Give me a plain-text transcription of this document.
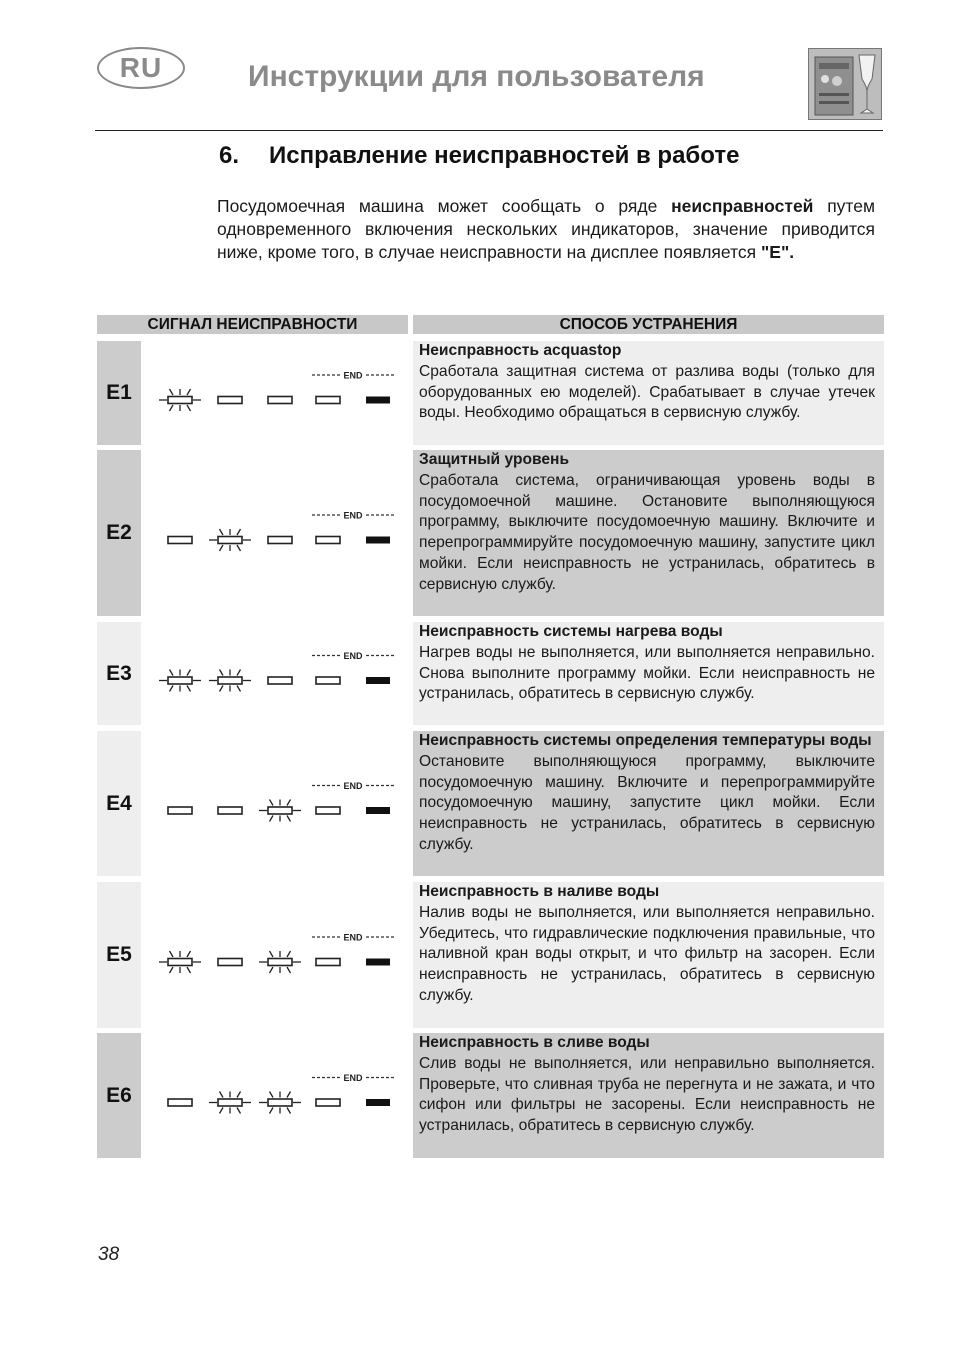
RU	Инструкции для пользователя
6. Исправление неисправностей в работе
Посудомоечная машина может сообщать о ряде неисправностей путем одновременного включения нескольких индикаторов, значение приводится ниже, кроме того, в случае неисправности на дисплее появляется "E".
СИГНАЛ НЕИСПРАВНОСТИ	СПОСОБ УСТРАНЕНИЯ
E1
END
Неисправность acquastop
Сработала защитная система от разлива воды (только для оборудованных ею моделей). Срабатывает в случае утечек воды. Необходимо обращаться в сервисную службу.
E2
END
Защитный уровень
Сработала система, ограничивающая уровень воды в посудомоечной машине. Остановите выполняющуюся программу, выключите посудомоечную машину. Включите и перепрограммируйте посудомоечную машину, запустите цикл мойки. Если неисправность не устранилась, обратитесь в сервисную службу.
E3
END
Неисправность системы нагрева воды
Нагрев воды не выполняется, или выполняется неправильно. Снова выполните программу мойки. Если неисправность не устранилась, обратитесь в сервисную службу.
E4
END
Неисправность системы определения температуры воды
Остановите выполняющуюся программу, выключите посудомоечную машину. Включите и перепрограммируйте посудомоечную машину, запустите цикл мойки. Если неисправность не устранилась, обратитесь в сервисную службу.
E5
END
Неисправность в наливе воды
Налив воды не выполняется, или выполняется неправильно. Убедитесь, что гидравлические подключения правильные, что наливной кран воды открыт, и что фильтр на засорен. Если неисправность не устранилась, обратитесь в сервисную службу.
E6
END
Неисправность в сливе воды
Слив воды не выполняется, или неправильно выполняется. Проверьте, что сливная труба не перегнута и не зажата, и что сифон или фильтры не засорены. Если неисправность не устранилась, обратитесь в сервисную службу.
38
